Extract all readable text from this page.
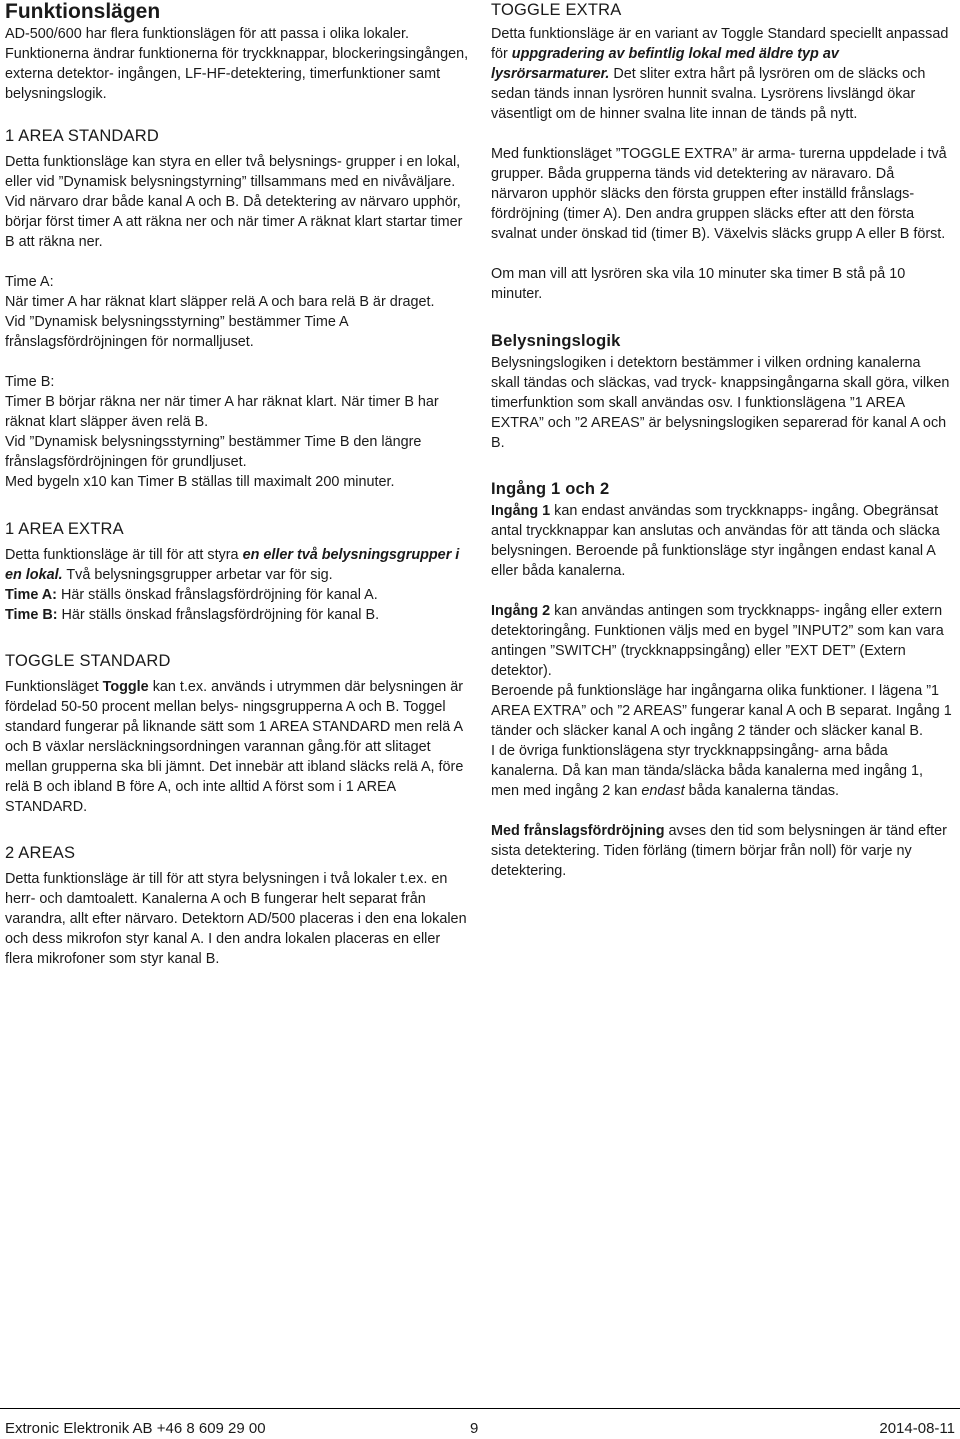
Funktionslägen

AD-500/600 har flera funktionslägen för att passa i olika lokaler. Funktionerna ändrar funktionerna för tryckknappar, blockeringsingången, externa detektor- ingången, LF-HF-detektering, timerfunktioner samt belysningslogik.

1 AREA STANDARD

Detta funktionsläge kan styra en eller två belysnings- grupper i en lokal, eller vid ”Dynamisk belysningstyrning” tillsammans med en nivåväljare.

Vid närvaro drar både kanal A och B. Då detektering av närvaro upphör, börjar först timer A att räkna ner och när timer A räknat klart startar timer B att räkna ner.

Time A:

När timer A har räknat klart släpper relä A och bara relä B är draget.

Vid ”Dynamisk belysningsstyrning” bestämmer Time A frånslagsfördröjningen för normalljuset.

Time B:

Timer B börjar räkna ner när timer A har räknat klart. När timer B har räknat klart släpper även relä B.

Vid ”Dynamisk belysningsstyrning” bestämmer Time B den längre frånslagsfördröjningen för grundljuset.

Med bygeln x10 kan Timer B ställas till maximalt 200 minuter.

1 AREA EXTRA

Detta funktionsläge är till för att styra en eller två belysningsgrupper i en lokal. Två belysningsgrupper arbetar var för sig.

Time A: Här ställs önskad frånslagsfördröjning för kanal A.

Time B: Här ställs önskad frånslagsfördröjning för kanal B.

TOGGLE STANDARD

Funktionsläget Toggle kan t.ex. används i utrymmen där belysningen är fördelad 50-50 procent mellan belys- ningsgrupperna A och B. Toggel standard fungerar på liknande sätt som 1 AREA STANDARD men relä A och B växlar nersläckningsordningen varannan gång.för att slitaget mellan grupperna ska bli jämnt. Det innebär att ibland släcks relä A, före relä B och ibland B före A, och inte alltid A först som i 1 AREA STANDARD.

2 AREAS

Detta funktionsläge är till för att styra belysningen i två lokaler t.ex. en herr- och damtoalett. Kanalerna A och B fungerar helt separat från varandra, allt efter närvaro. Detektorn AD/500 placeras i den ena lokalen och dess mikrofon styr kanal A. I den andra lokalen placeras en eller flera mikrofoner som styr kanal B.

TOGGLE EXTRA

Detta funktionsläge är en variant av Toggle Standard speciellt anpassad för uppgradering av befintlig lokal med äldre typ av lysrörsarmaturer. Det sliter extra hårt på lysrören om de släcks och sedan tänds innan lysrören hunnit svalna. Lysrörens livslängd ökar väsentligt om de hinner svalna lite innan de tänds på nytt.

Med funktionsläget ”TOGGLE EXTRA” är arma- turerna uppdelade i två grupper. Båda grupperna tänds vid detektering av näravaro. Då närvaron upphör släcks den första gruppen efter inställd frånslags- fördröjning (timer A). Den andra gruppen släcks efter att den första svalnat under önskad tid (timer B). Växelvis släcks grupp A eller B först.

Om man vill att lysrören ska vila 10 minuter ska timer B stå på 10 minuter.

Belysningslogik

Belysningslogiken i detektorn bestämmer i vilken ordning kanalerna skall tändas och släckas, vad tryck- knappsingångarna skall göra, vilken timerfunktion som skall användas osv. I funktionslägena ”1 AREA EXTRA” och ”2 AREAS” är belysningslogiken separerad för kanal A och B.

Ingång 1 och 2

Ingång 1 kan endast användas som tryckknapps- ingång. Obegränsat antal tryckknappar kan anslutas och användas för att tända och släcka belysningen. Beroende på funktionsläge styr ingången endast kanal A eller båda kanalerna.

Ingång 2 kan användas antingen som tryckknapps- ingång eller extern detektoringång. Funktionen väljs med en bygel ”INPUT2” som kan vara antingen ”SWITCH” (tryckknappsingång) eller ”EXT DET” (Extern detektor).

Beroende på funktionsläge har ingångarna olika funktioner. I lägena ”1 AREA EXTRA” och ”2 AREAS” fungerar kanal A och B separat. Ingång 1 tänder och släcker kanal A och ingång 2 tänder och släcker kanal B.

I de övriga funktionslägena styr tryckknappsingång- arna båda kanalerna. Då kan man tända/släcka båda kanalerna med ingång 1, men med ingång 2 kan endast båda kanalerna tändas.

Med frånslagsfördröjning avses den tid som belysningen är tänd efter sista detektering. Tiden förläng (timern börjar från noll) för varje ny detektering.

Extronic Elektronik AB +46 8 609 29 00	9	2014-08-11
